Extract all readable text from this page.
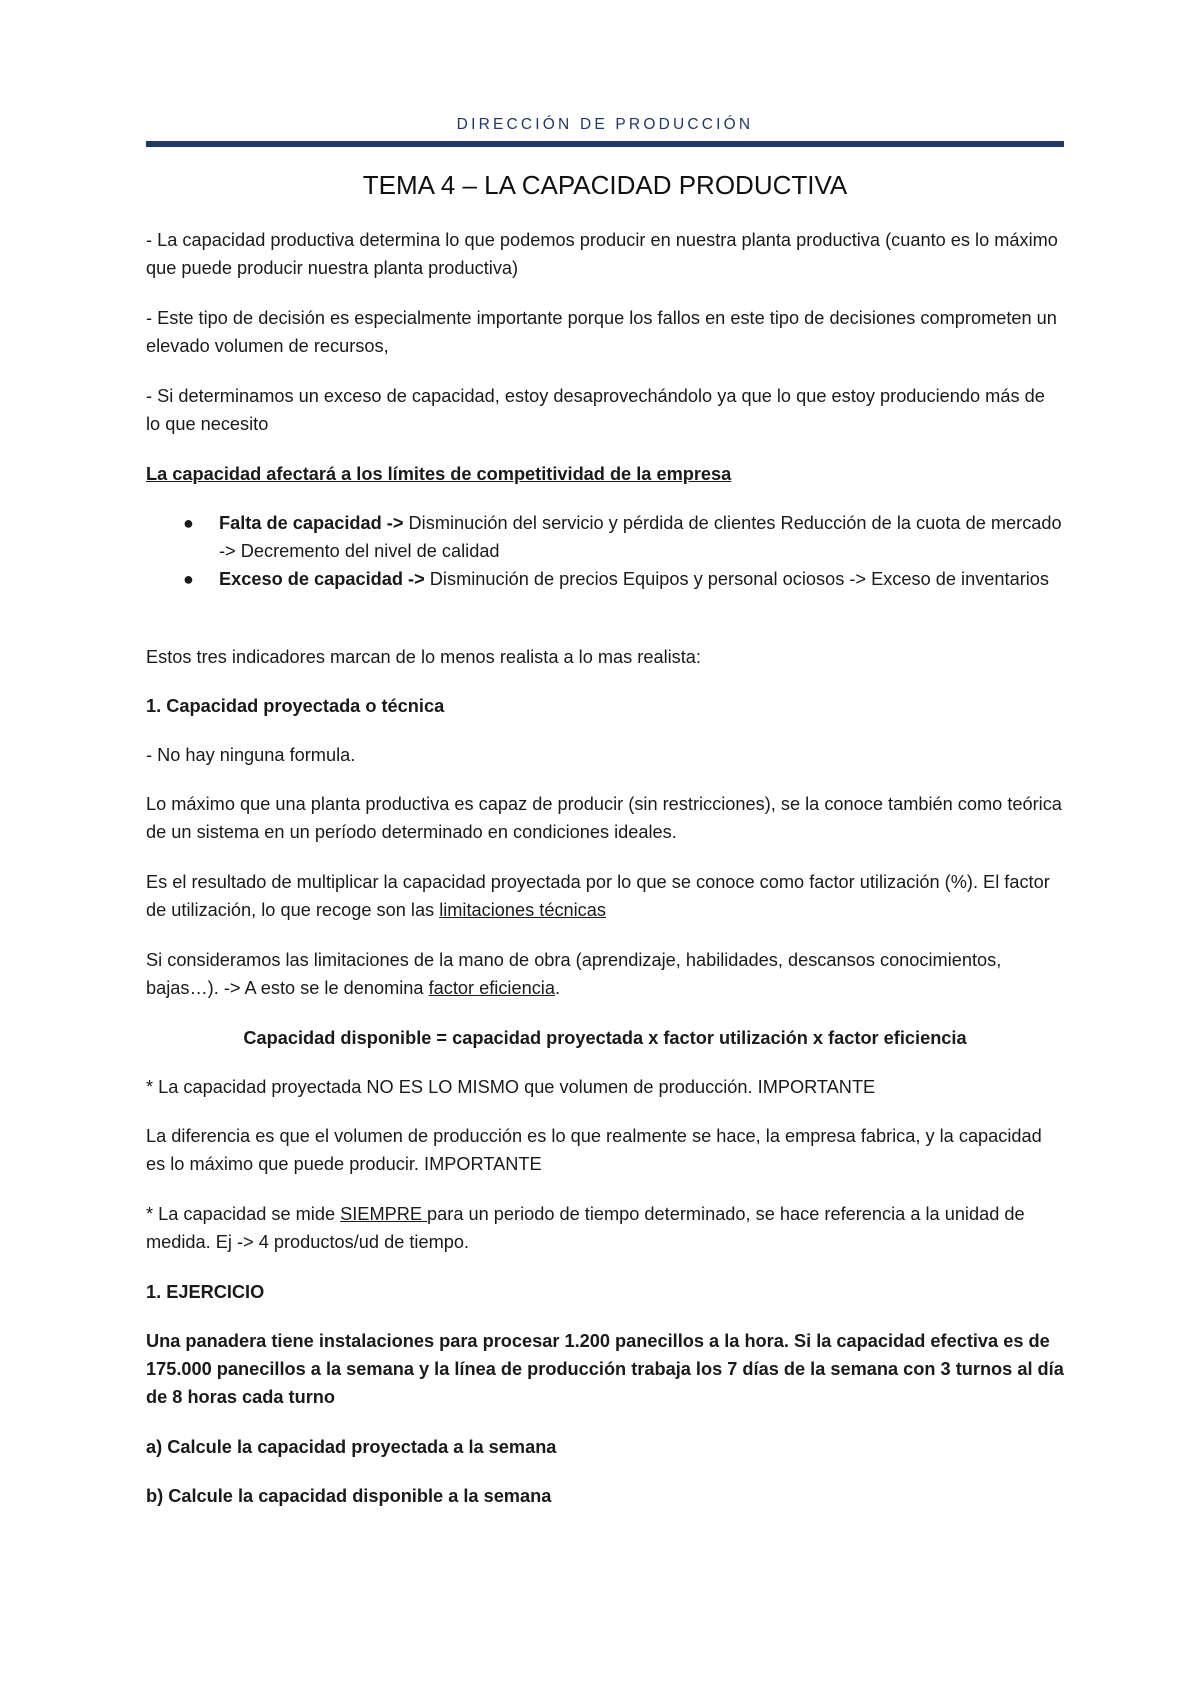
DIRECCIÓN DE PRODUCCIÓN
TEMA 4 – LA CAPACIDAD PRODUCTIVA

- La capacidad productiva determina lo que podemos producir en nuestra planta productiva (cuanto es lo máximo que puede producir nuestra planta productiva)

- Este tipo de decisión es especialmente importante porque los fallos en este tipo de decisiones comprometen un elevado volumen de recursos,

- Si determinamos un exceso de capacidad, estoy desaprovechándolo ya que lo que estoy produciendo más de lo que necesito

La capacidad afectará a los límites de competitividad de la empresa

● Falta de capacidad -> Disminución del servicio y pérdida de clientes Reducción de la cuota de mercado -> Decremento del nivel de calidad
● Exceso de capacidad -> Disminución de precios Equipos y personal ociosos -> Exceso de inventarios

Estos tres indicadores marcan de lo menos realista a lo mas realista:

1. Capacidad proyectada o técnica

- No hay ninguna formula.

Lo máximo que una planta productiva es capaz de producir (sin restricciones), se la conoce también como teórica de un sistema en un período determinado en condiciones ideales.

Es el resultado de multiplicar la capacidad proyectada por lo que se conoce como factor utilización (%). El factor de utilización, lo que recoge son las limitaciones técnicas

Si consideramos las limitaciones de la mano de obra (aprendizaje, habilidades, descansos conocimientos, bajas…). -> A esto se le denomina factor eficiencia.

Capacidad disponible = capacidad proyectada x factor utilización x factor eficiencia

* La capacidad proyectada NO ES LO MISMO que volumen de producción. IMPORTANTE

La diferencia es que el volumen de producción es lo que realmente se hace, la empresa fabrica, y la capacidad es lo máximo que puede producir. IMPORTANTE

* La capacidad se mide SIEMPRE para un periodo de tiempo determinado, se hace referencia a la unidad de medida. Ej -> 4 productos/ud de tiempo.

1. EJERCICIO

Una panadera tiene instalaciones para procesar 1.200 panecillos a la hora. Si la capacidad efectiva es de 175.000 panecillos a la semana y la línea de producción trabaja los 7 días de la semana con 3 turnos al día de 8 horas cada turno

a) Calcule la capacidad proyectada a la semana

b) Calcule la capacidad disponible a la semana
